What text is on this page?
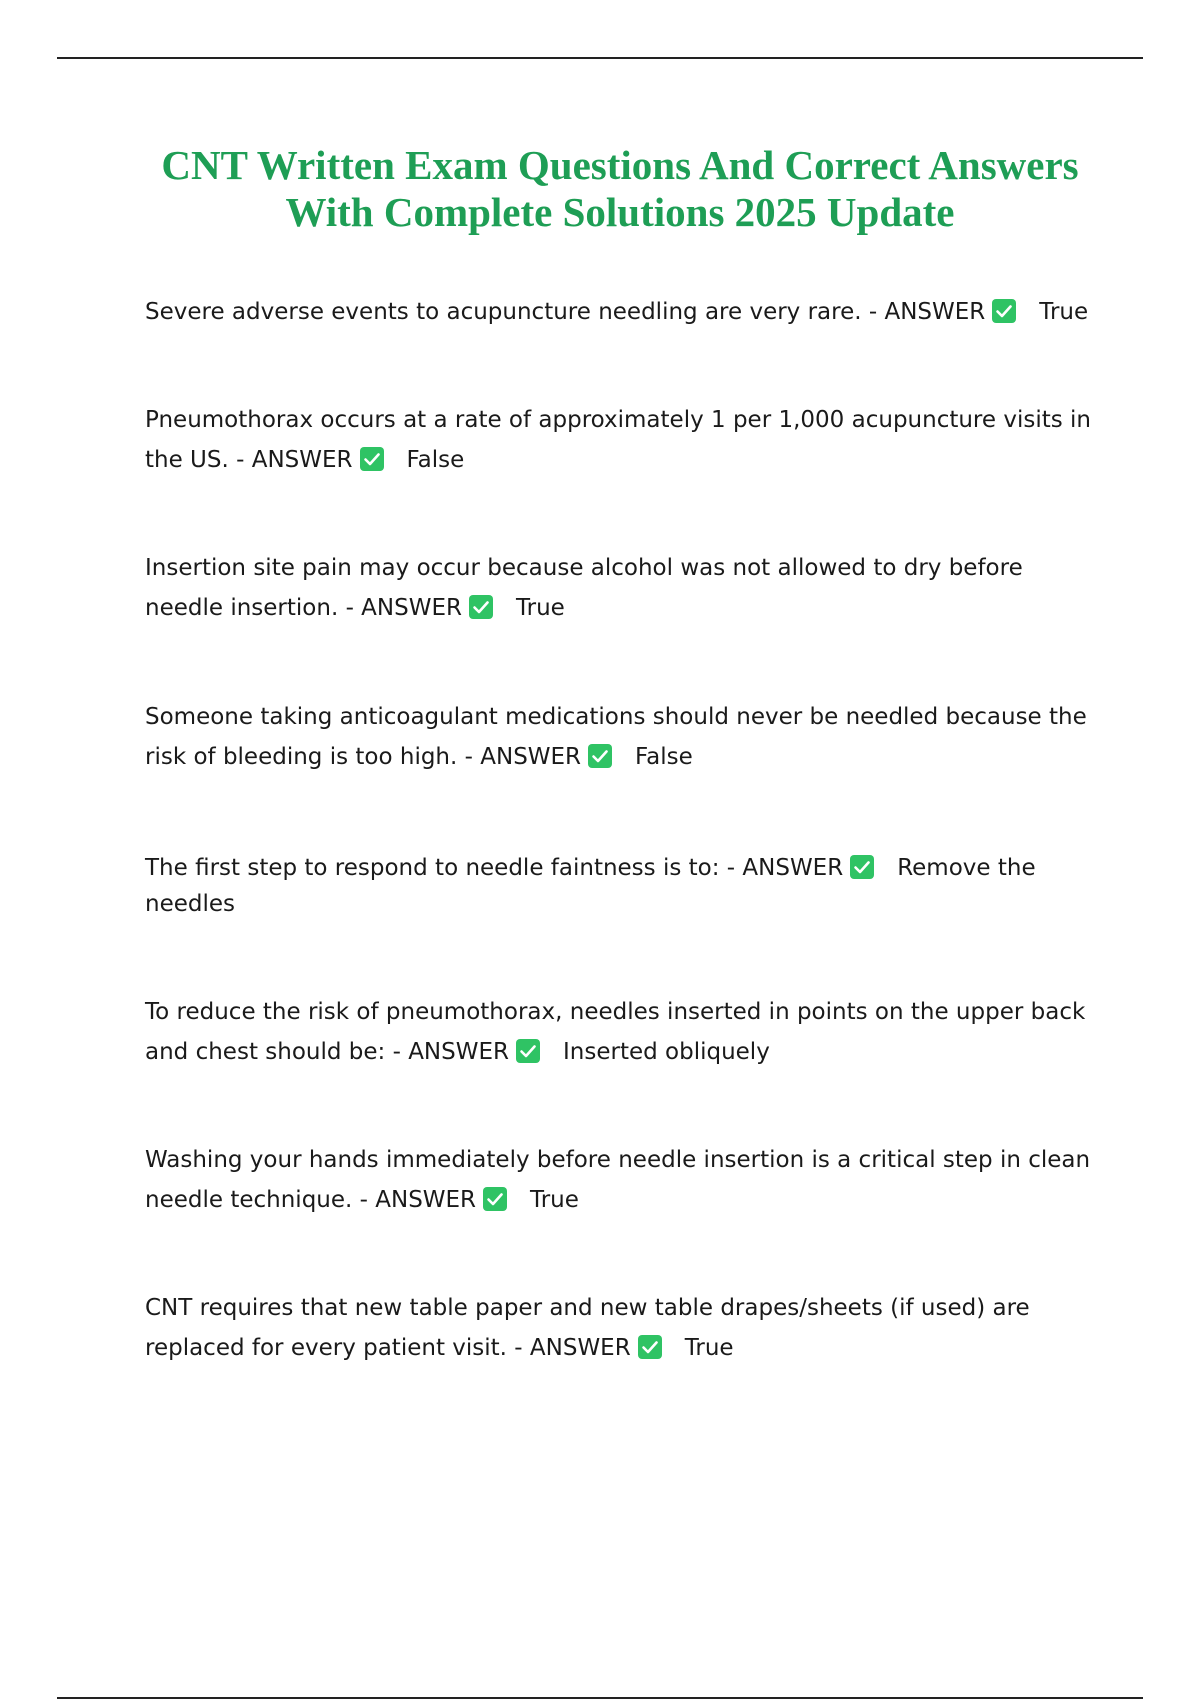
CNT Written Exam Questions And Correct Answers
With Complete Solutions 2025 Update

Severe adverse events to acupuncture needling are very rare. - ANSWER True

Pneumothorax occurs at a rate of approximately 1 per 1,000 acupuncture visits in the US. - ANSWER False

Insertion site pain may occur because alcohol was not allowed to dry before needle insertion. - ANSWER True

Someone taking anticoagulant medications should never be needled because the risk of bleeding is too high. - ANSWER False

The first step to respond to needle faintness is to: - ANSWER Remove the needles

To reduce the risk of pneumothorax, needles inserted in points on the upper back and chest should be: - ANSWER Inserted obliquely

Washing your hands immediately before needle insertion is a critical step in clean needle technique. - ANSWER True

CNT requires that new table paper and new table drapes/sheets (if used) are replaced for every patient visit. - ANSWER True
